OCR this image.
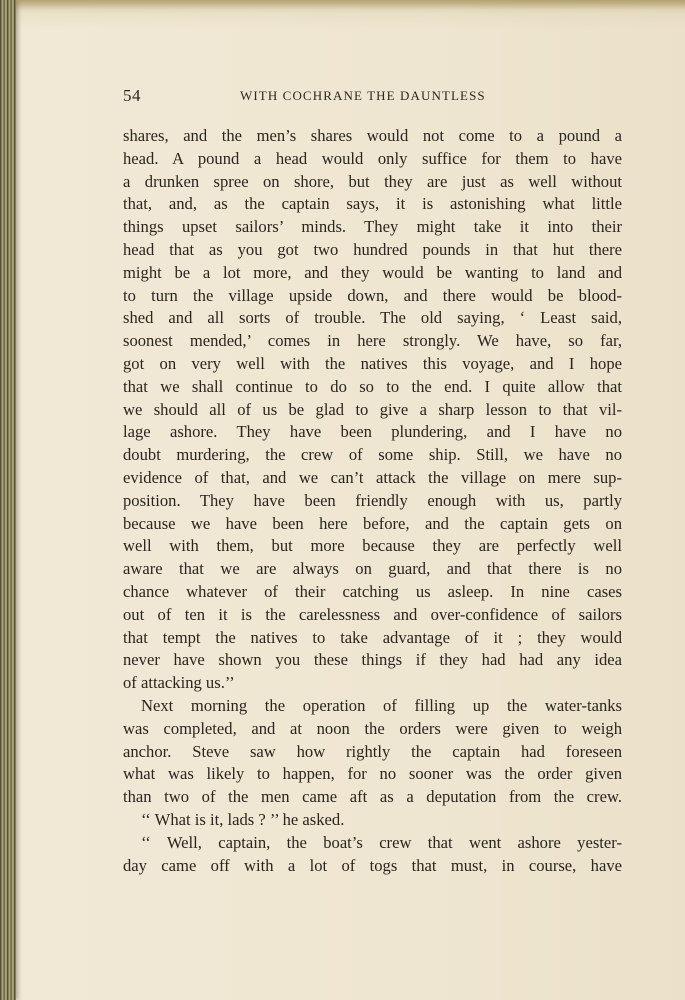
54	WITH COCHRANE THE DAUNTLESS
shares, and the men’s shares would not come to a pound a
head. A pound a head would only suffice for them to have
a drunken spree on shore, but they are just as well without
that, and, as the captain says, it is astonishing what little
things upset sailors’ minds. They might take it into their
head that as you got two hundred pounds in that hut there
might be a lot more, and they would be wanting to land and
to turn the village upside down, and there would be blood-
shed and all sorts of trouble. The old saying, ‘ Least said,
soonest mended,’ comes in here strongly. We have, so far,
got on very well with the natives this voyage, and I hope
that we shall continue to do so to the end. I quite allow that
we should all of us be glad to give a sharp lesson to that vil-
lage ashore. They have been plundering, and I have no
doubt murdering, the crew of some ship. Still, we have no
evidence of that, and we can’t attack the village on mere sup-
position. They have been friendly enough with us, partly
because we have been here before, and the captain gets on
well with them, but more because they are perfectly well
aware that we are always on guard, and that there is no
chance whatever of their catching us asleep. In nine cases
out of ten it is the carelessness and over-confidence of sailors
that tempt the natives to take advantage of it ; they would
never have shown you these things if they had had any idea
of attacking us.’’
Next morning the operation of filling up the water-tanks
was completed, and at noon the orders were given to weigh
anchor. Steve saw how rightly the captain had foreseen
what was likely to happen, for no sooner was the order given
than two of the men came aft as a deputation from the crew.
‘‘ What is it, lads ? ’’ he asked.
‘‘ Well, captain, the boat’s crew that went ashore yester-
day came off with a lot of togs that must, in course, have
